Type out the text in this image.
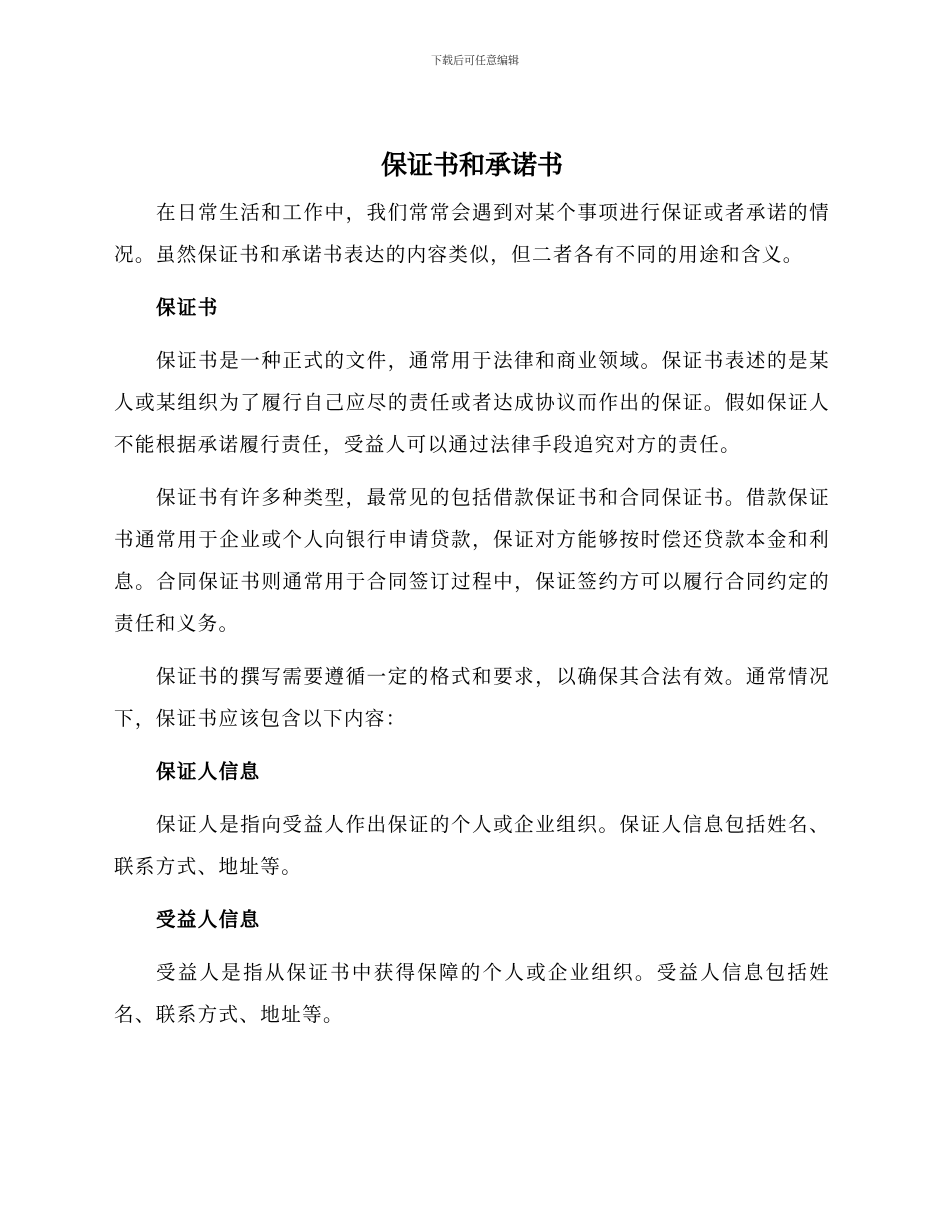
下载后可任意编辑
保证书和承诺书

在日常生活和工作中，我们常常会遇到对某个事项进行保证或者承诺的情况。虽然保证书和承诺书表达的内容类似，但二者各有不同的用途和含义。

保证书

保证书是一种正式的文件，通常用于法律和商业领域。保证书表述的是某人或某组织为了履行自己应尽的责任或者达成协议而作出的保证。假如保证人不能根据承诺履行责任，受益人可以通过法律手段追究对方的责任。

保证书有许多种类型，最常见的包括借款保证书和合同保证书。借款保证书通常用于企业或个人向银行申请贷款，保证对方能够按时偿还贷款本金和利息。合同保证书则通常用于合同签订过程中，保证签约方可以履行合同约定的责任和义务。

保证书的撰写需要遵循一定的格式和要求，以确保其合法有效。通常情况下，保证书应该包含以下内容：

保证人信息

保证人是指向受益人作出保证的个人或企业组织。保证人信息包括姓名、联系方式、地址等。

受益人信息

受益人是指从保证书中获得保障的个人或企业组织。受益人信息包括姓名、联系方式、地址等。
